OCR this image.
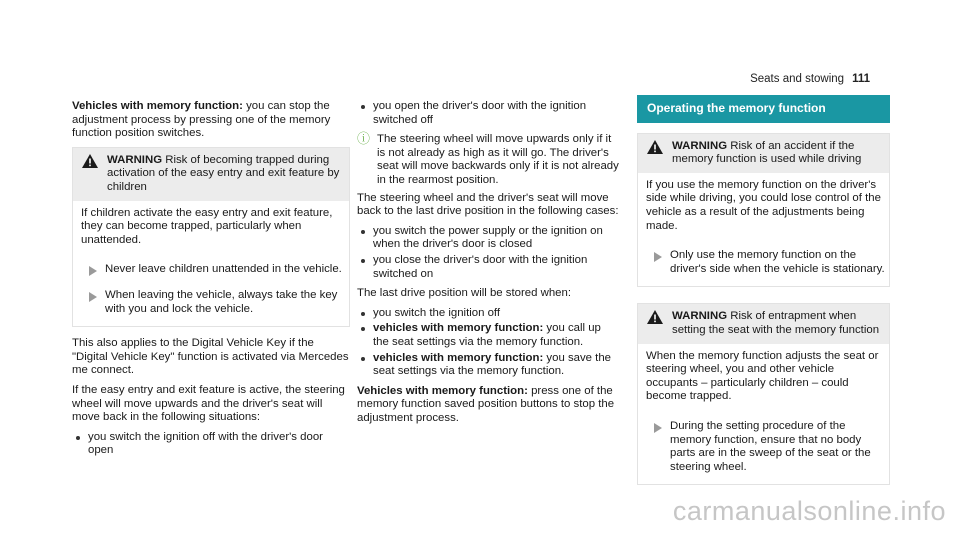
Seats and stowing 111

Vehicles with memory function: you can stop the adjustment process by pressing one of the memory function position switches.

WARNING Risk of becoming trapped during activation of the easy entry and exit feature by children
If children activate the easy entry and exit feature, they can become trapped, particularly when unattended.
Never leave children unattended in the vehicle.
When leaving the vehicle, always take the key with you and lock the vehicle.

This also applies to the Digital Vehicle Key if the "Digital Vehicle Key" function is activated via Mercedes me connect.

If the easy entry and exit feature is active, the steering wheel will move upwards and the driver's seat will move back in the following situations:

you switch the ignition off with the driver's door open
you open the driver's door with the ignition switched off
ⓘ The steering wheel will move upwards only if it is not already as high as it will go. The driver's seat will move backwards only if it is not already in the rearmost position.

The steering wheel and the driver's seat will move back to the last drive position in the following cases:

you switch the power supply or the ignition on when the driver's door is closed
you close the driver's door with the ignition switched on

The last drive position will be stored when:

you switch the ignition off
vehicles with memory function: you call up the seat settings via the memory function.
vehicles with memory function: you save the seat settings via the memory function.

Vehicles with memory function: press one of the memory function saved position buttons to stop the adjustment process.

Operating the memory function
WARNING Risk of an accident if the memory function is used while driving
If you use the memory function on the driver's side while driving, you could lose control of the vehicle as a result of the adjustments being made.
Only use the memory function on the driver's side when the vehicle is stationary.
WARNING Risk of entrapment when setting the seat with the memory function
When the memory function adjusts the seat or steering wheel, you and other vehicle occupants – particularly children – could become trapped.
During the setting procedure of the memory function, ensure that no body parts are in the sweep of the seat or the steering wheel.
carmanualsonline.info
